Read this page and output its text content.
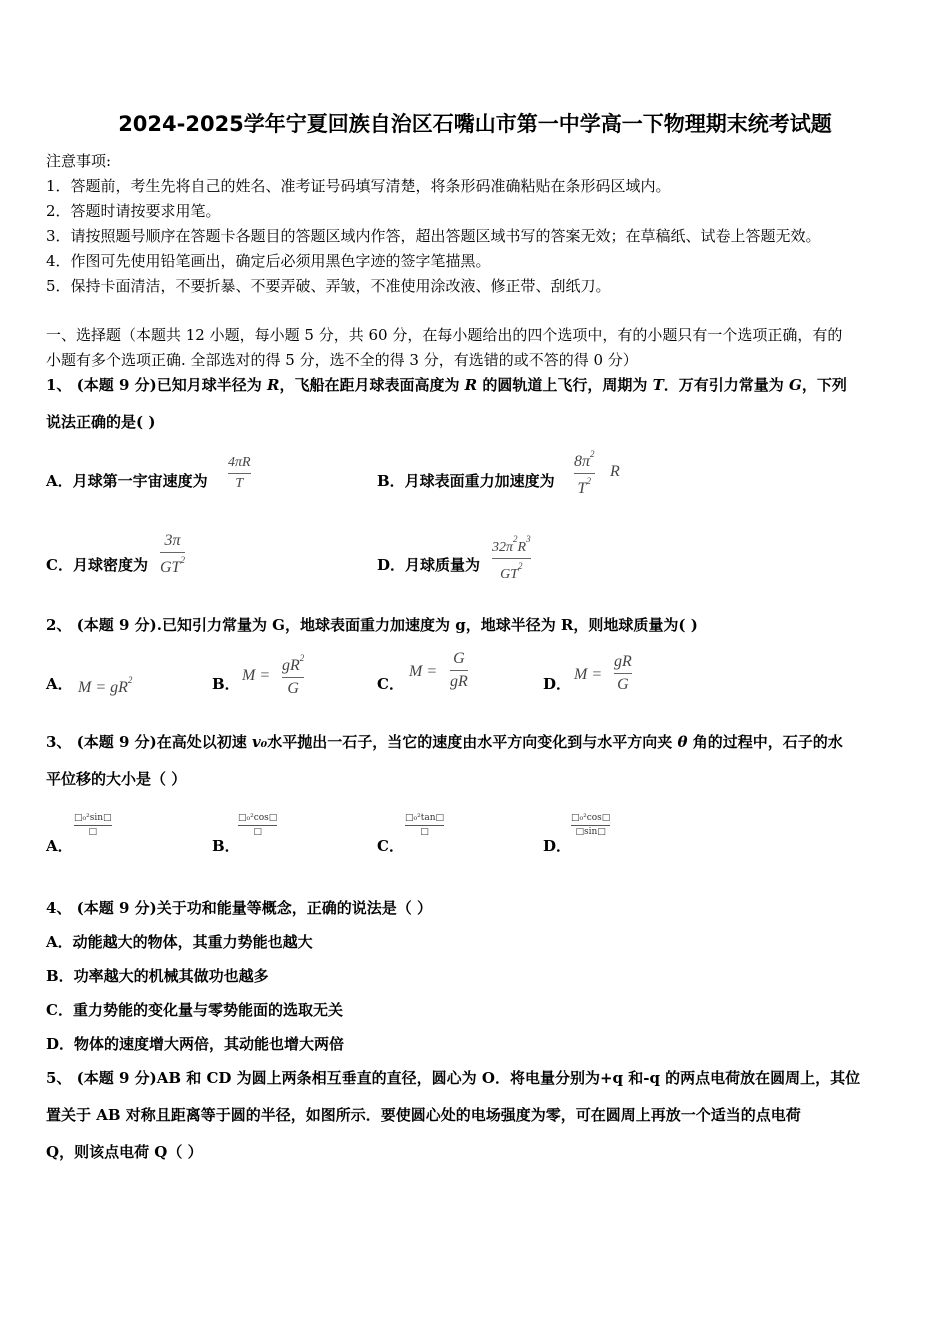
2024-2025学年宁夏回族自治区石嘴山市第一中学高一下物理期末统考试题
注意事项:
1．答题前，考生先将自己的姓名、准考证号码填写清楚，将条形码准确粘贴在条形码区域内。
2．答题时请按要求用笔。
3．请按照题号顺序在答题卡各题目的答题区域内作答，超出答题区域书写的答案无效；在草稿纸、试卷上答题无效。
4．作图可先使用铅笔画出，确定后必须用黑色字迹的签字笔描黑。
5．保持卡面清洁，不要折暴、不要弄破、弄皱，不准使用涂改液、修正带、刮纸刀。
一、选择题（本题共 12 小题，每小题 5 分，共 60 分，在每小题给出的四个选项中，有的小题只有一个选项正确，有的
小题有多个选项正确. 全部选对的得 5 分，选不全的得 3 分，有选错的或不答的得 0 分）
1、 (本题 9 分)已知月球半径为 R，飞船在距月球表面高度为 R 的圆轨道上飞行，周期为 T．万有引力常量为 G，下列
说法正确的是( )
A．月球第一宇宙速度为
4πR
T	B．月球表面重力加速度为
$8\pi^2$
$T^2$
R
C．月球密度为
3π
$GT^2$	D．月球质量为
$32\pi^2R^3$
$GT^2$
2、 (本题 9 分).已知引力常量为 G，地球表面重力加速度为 g，地球半径为 R，则地球质量为( )
A． $M = gR^2$	B． M =
$gR^2$
G	C．
M =
G
gR	D．
M =
gR
G
3、 (本题 9 分)在高处以初速 v₀水平抛出一石子，当它的速度由水平方向变化到与水平方向夹 θ 角的过程中，石子的水
平位移的大小是（ ）
A．
□₀²sin□
□
B．
□₀²cos□
□
C．
□₀²tan□
□
D．
□₀²cos□
□sin□
4、 (本题 9 分)关于功和能量等概念，正确的说法是（ ）
A．动能越大的物体，其重力势能也越大
B．功率越大的机械其做功也越多
C．重力势能的变化量与零势能面的选取无关
D．物体的速度增大两倍，其动能也增大两倍
5、 (本题 9 分)AB 和 CD 为圆上两条相互垂直的直径，圆心为 O．将电量分别为+q 和-q 的两点电荷放在圆周上，其位
置关于 AB 对称且距离等于圆的半径，如图所示．要使圆心处的电场强度为零，可在圆周上再放一个适当的点电荷
Q，则该点电荷 Q（ ）
